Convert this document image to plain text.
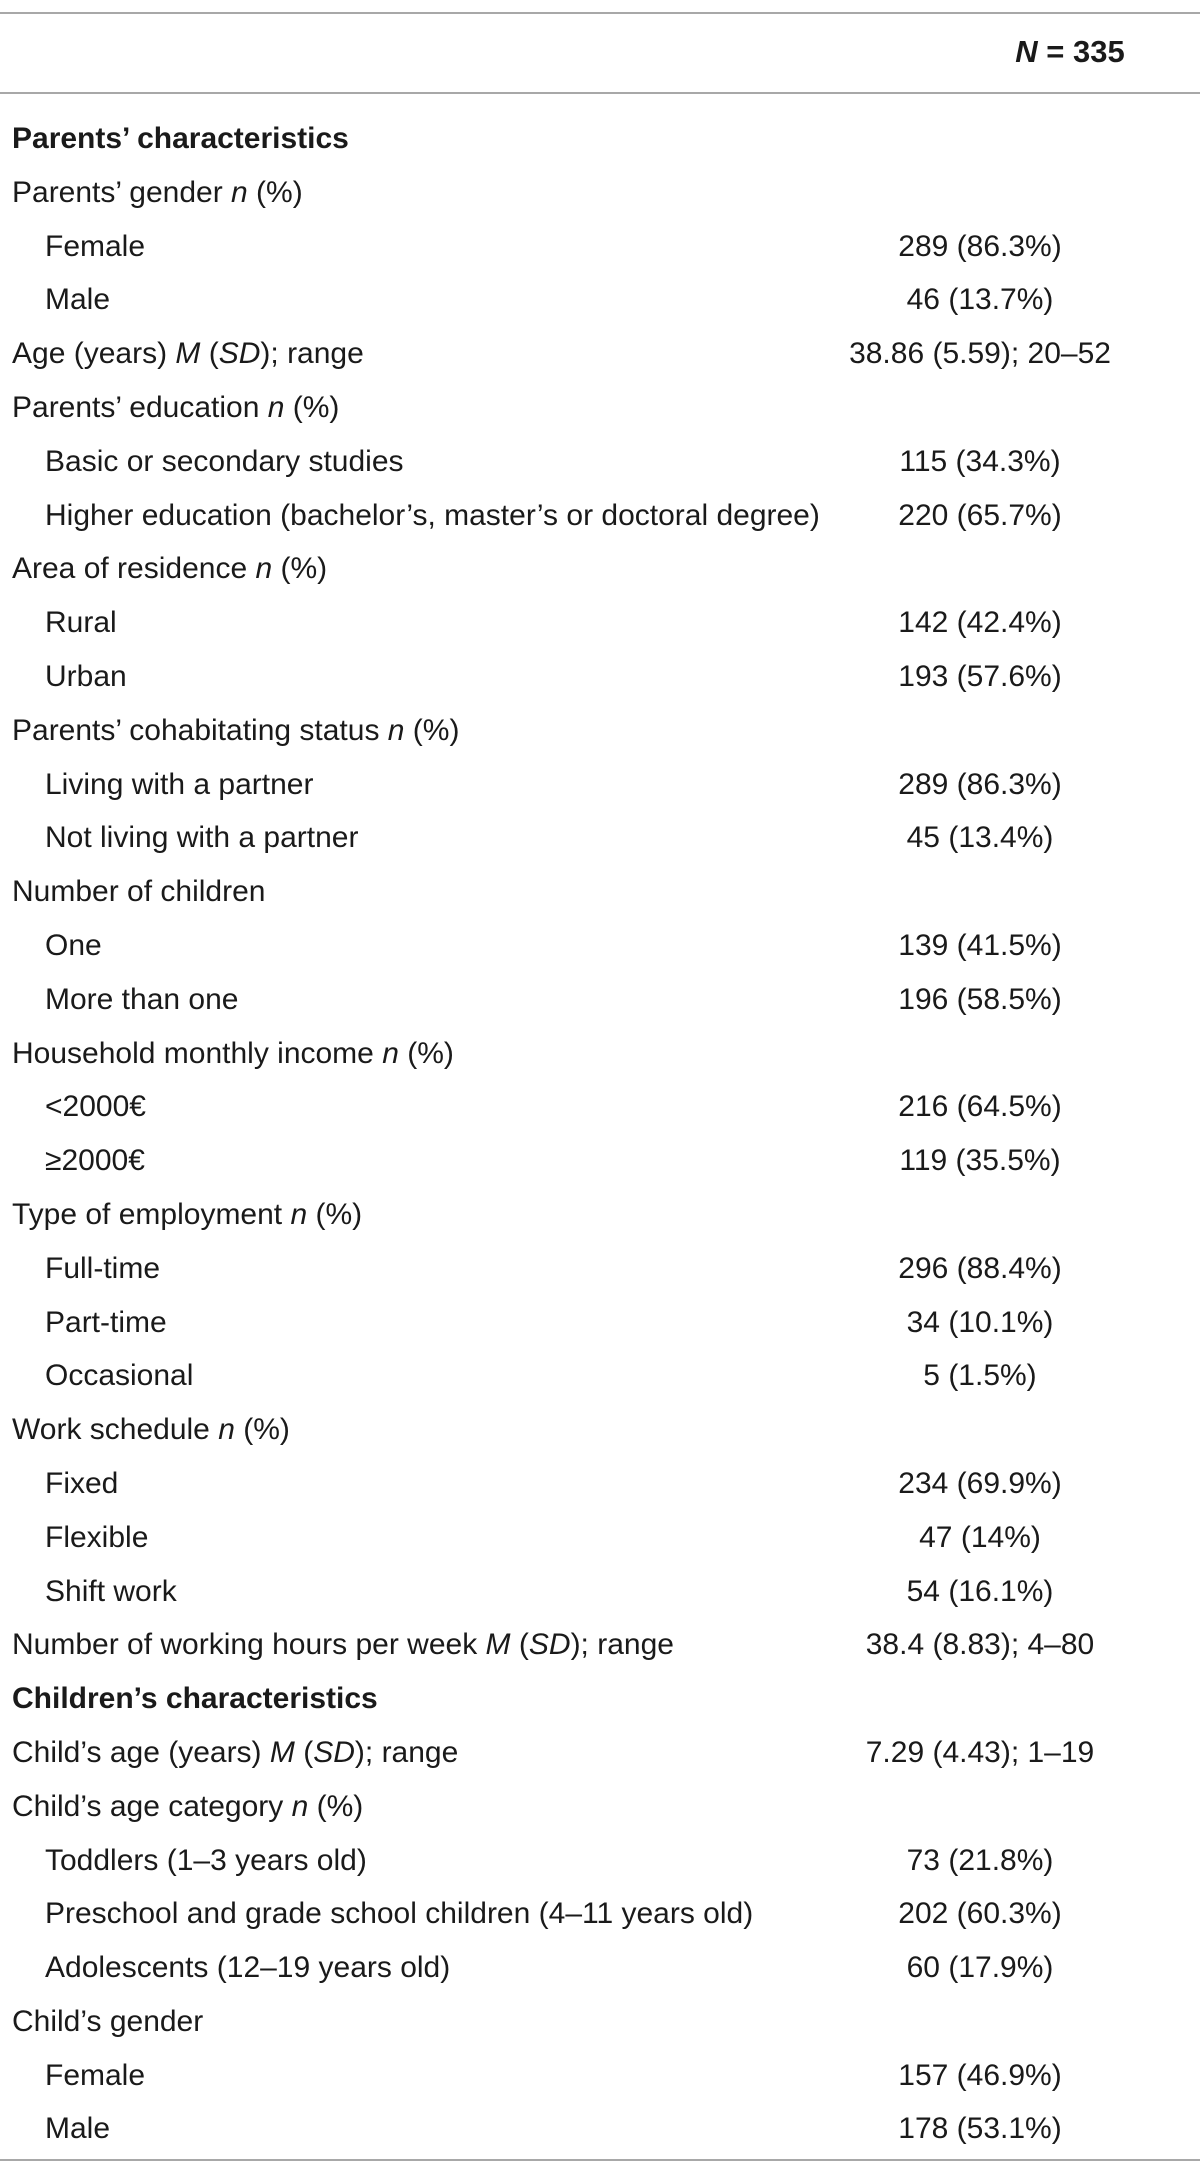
N = 335
Parents’ characteristics
Parents’ gender n (%)
Female	289 (86.3%)
Male	46 (13.7%)
Age (years) M (SD); range	38.86 (5.59); 20–52
Parents’ education n (%)
Basic or secondary studies	115 (34.3%)
Higher education (bachelor’s, master’s or doctoral degree)	220 (65.7%)
Area of residence n (%)
Rural	142 (42.4%)
Urban	193 (57.6%)
Parents’ cohabitating status n (%)
Living with a partner	289 (86.3%)
Not living with a partner	45 (13.4%)
Number of children
One	139 (41.5%)
More than one	196 (58.5%)
Household monthly income n (%)
<2000€	216 (64.5%)
≥2000€	119 (35.5%)
Type of employment n (%)
Full-time	296 (88.4%)
Part-time	34 (10.1%)
Occasional	5 (1.5%)
Work schedule n (%)
Fixed	234 (69.9%)
Flexible	47 (14%)
Shift work	54 (16.1%)
Number of working hours per week M (SD); range	38.4 (8.83); 4–80
Children’s characteristics
Child’s age (years) M (SD); range	7.29 (4.43); 1–19
Child’s age category n (%)
Toddlers (1–3 years old)	73 (21.8%)
Preschool and grade school children (4–11 years old)	202 (60.3%)
Adolescents (12–19 years old)	60 (17.9%)
Child’s gender
Female	157 (46.9%)
Male	178 (53.1%)
